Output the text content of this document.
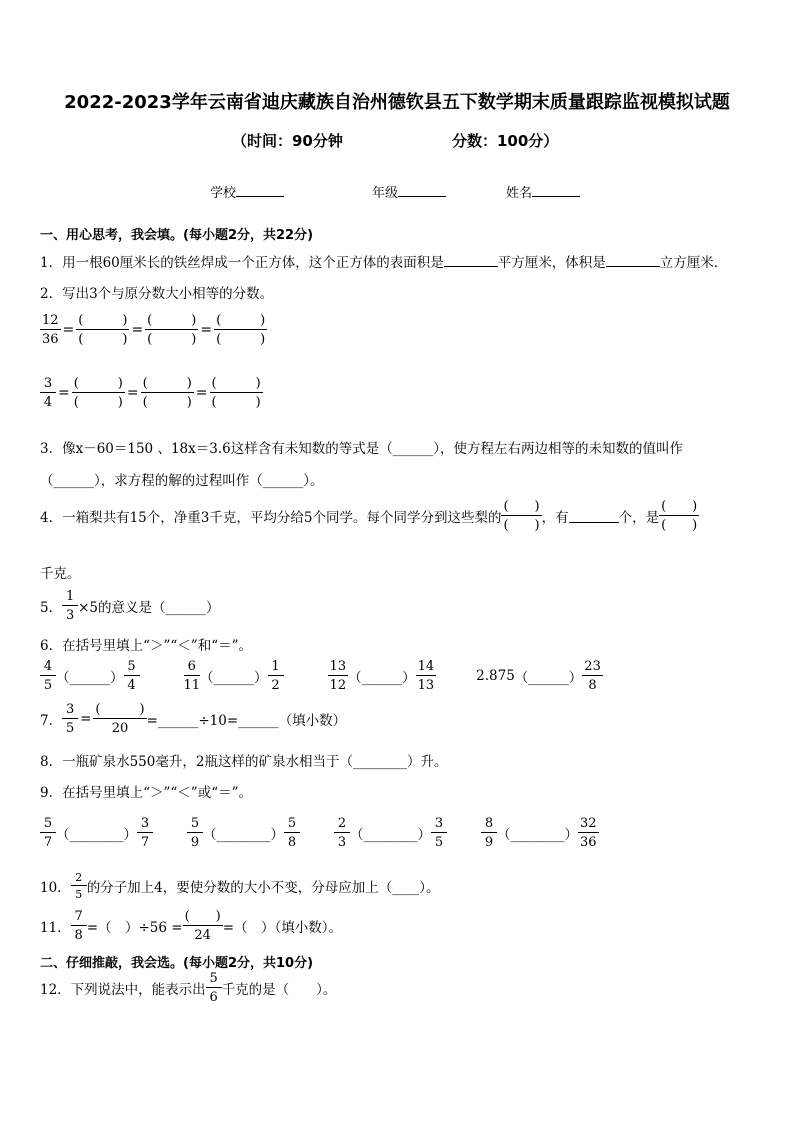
2022-2023学年云南省迪庆藏族自治州德钦县五下数学期末质量跟踪监视模拟试题
（时间：90分钟	分数：100分）
学校	年级	姓名
一、用心思考，我会填。(每小题2分，共22分)
1．用一根60厘米长的铁丝焊成一个正方体，这个正方体的表面积是	平方厘米，体积是	立方厘米．
2．写出3个与原分数大小相等的分数。
$\frac{12}{36} = \frac{( )}{( )} = \frac{( )}{( )} = \frac{( )}{( )}$
$\frac{3}{4} = \frac{( )}{( )} = \frac{( )}{( )} = \frac{( )}{( )}$
3．像x－60＝150 、18x＝3.6这样含有未知数的等式是（______），使方程左右两边相等的未知数的值叫作
（______），求方程的解的过程叫作（______）。
4．一箱梨共有15个，净重3千克，平均分给5个同学。每个同学分到这些梨的 $\frac{( )}{( )}$ ，有	个，是 $\frac{( )}{( )}$
千克。
5． $\frac{1}{3} \times 5$的意义是（______）
6．在括号里填上“＞”“＜”和“＝”。
$\frac{4}{5}$ （______） $\frac{5}{4}$	$\frac{6}{11}$ （______） $\frac{1}{2}$	$\frac{13}{12}$ （______） $\frac{14}{13}$	2.875 （______） $\frac{23}{8}$
7． $\frac{3}{5} = \frac{( )}{20}$ =______÷10=______（填小数）
8．一瓶矿泉水550毫升，2瓶这样的矿泉水相当于（________）升。
9．在括号里填上“＞”“＜”或“＝”。
$\frac{5}{7}$ （________） $\frac{3}{7}$	$\frac{5}{9}$ （________） $\frac{5}{8}$	$\frac{2}{3}$ （________） $\frac{3}{5}$	$\frac{8}{9}$ （________） $\frac{32}{36}$
10． $\frac{2}{5}$ 的分子加上4，要使分数的大小不变，分母应加上（____）。
11． $\frac{7}{8}$ =（　）$\div 56 = \frac{( )}{24}$ =（　）（填小数）。
二、仔细推敲，我会选。(每小题2分，共10分)
12．下列说法中，能表示出 $\frac{5}{6}$ 千克的是（　　）。
